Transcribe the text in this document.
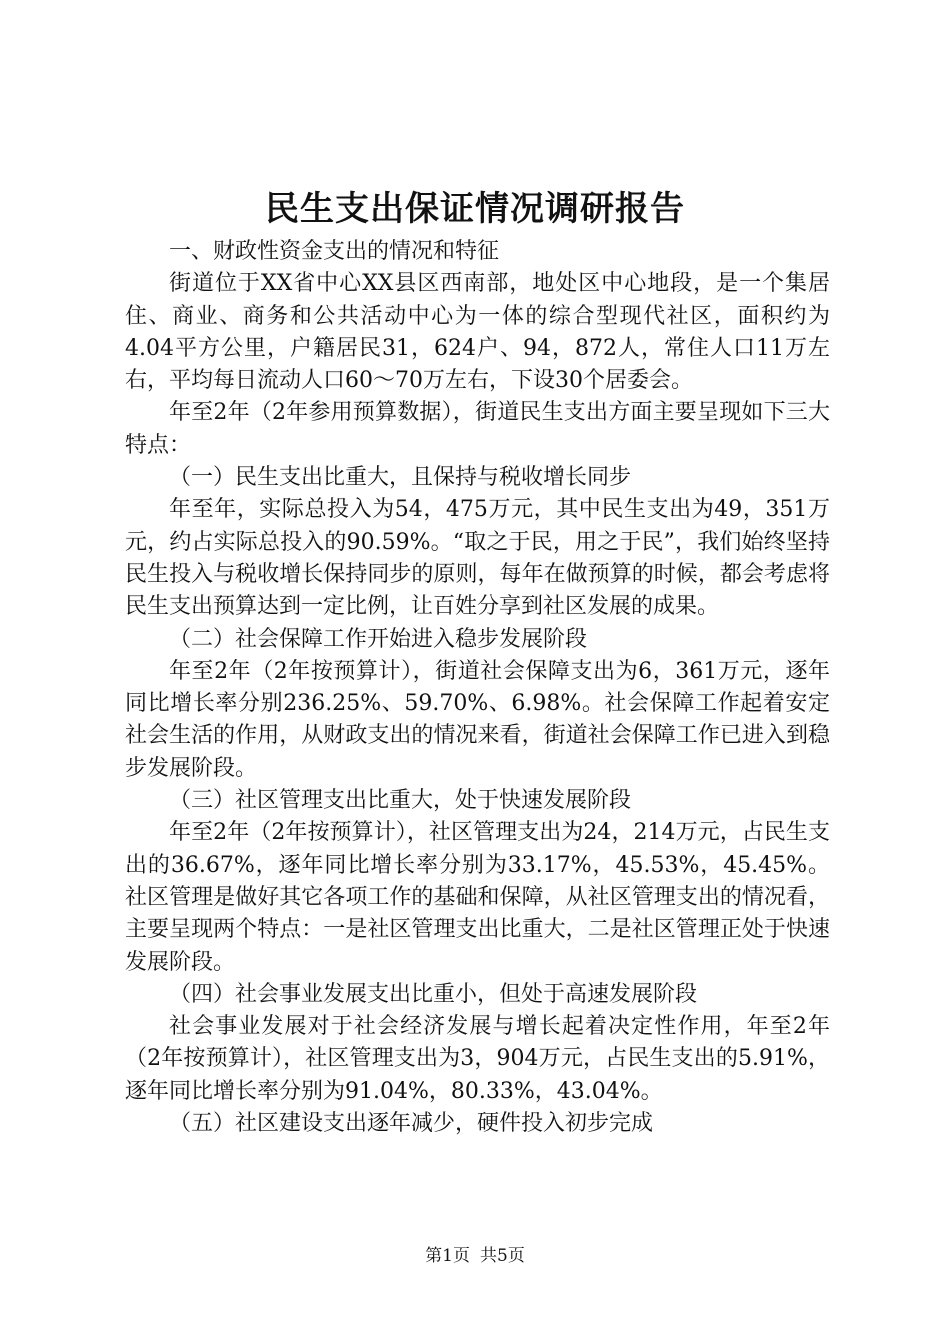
民生支出保证情况调研报告

一、财政性资金支出的情况和特征

街道位于XX省中心XX县区西南部，地处区中心地段，是一个集居住、商业、商务和公共活动中心为一体的综合型现代社区，面积约为4.04平方公里，户籍居民31，624户、94，872人，常住人口11万左右，平均每日流动人口60～70万左右，下设30个居委会。

年至2年（2年参用预算数据），街道民生支出方面主要呈现如下三大特点：

（一）民生支出比重大，且保持与税收增长同步

年至年，实际总投入为54，475万元，其中民生支出为49，351万元，约占实际总投入的90.59%。“取之于民，用之于民”，我们始终坚持民生投入与税收增长保持同步的原则，每年在做预算的时候，都会考虑将民生支出预算达到一定比例，让百姓分享到社区发展的成果。

（二）社会保障工作开始进入稳步发展阶段

年至2年（2年按预算计），街道社会保障支出为6，361万元，逐年同比增长率分别236.25%、59.70%、6.98%。社会保障工作起着安定社会生活的作用，从财政支出的情况来看，街道社会保障工作已进入到稳步发展阶段。

（三）社区管理支出比重大，处于快速发展阶段

年至2年（2年按预算计），社区管理支出为24，214万元，占民生支出的36.67%，逐年同比增长率分别为33.17%，45.53%，45.45%。社区管理是做好其它各项工作的基础和保障，从社区管理支出的情况看，主要呈现两个特点：一是社区管理支出比重大，二是社区管理正处于快速发展阶段。

（四）社会事业发展支出比重小，但处于高速发展阶段

社会事业发展对于社会经济发展与增长起着决定性作用，年至2年（2年按预算计），社区管理支出为3，904万元，占民生支出的5.91%，逐年同比增长率分别为91.04%，80.33%，43.04%。

（五）社区建设支出逐年减少，硬件投入初步完成

第1页 共5页
